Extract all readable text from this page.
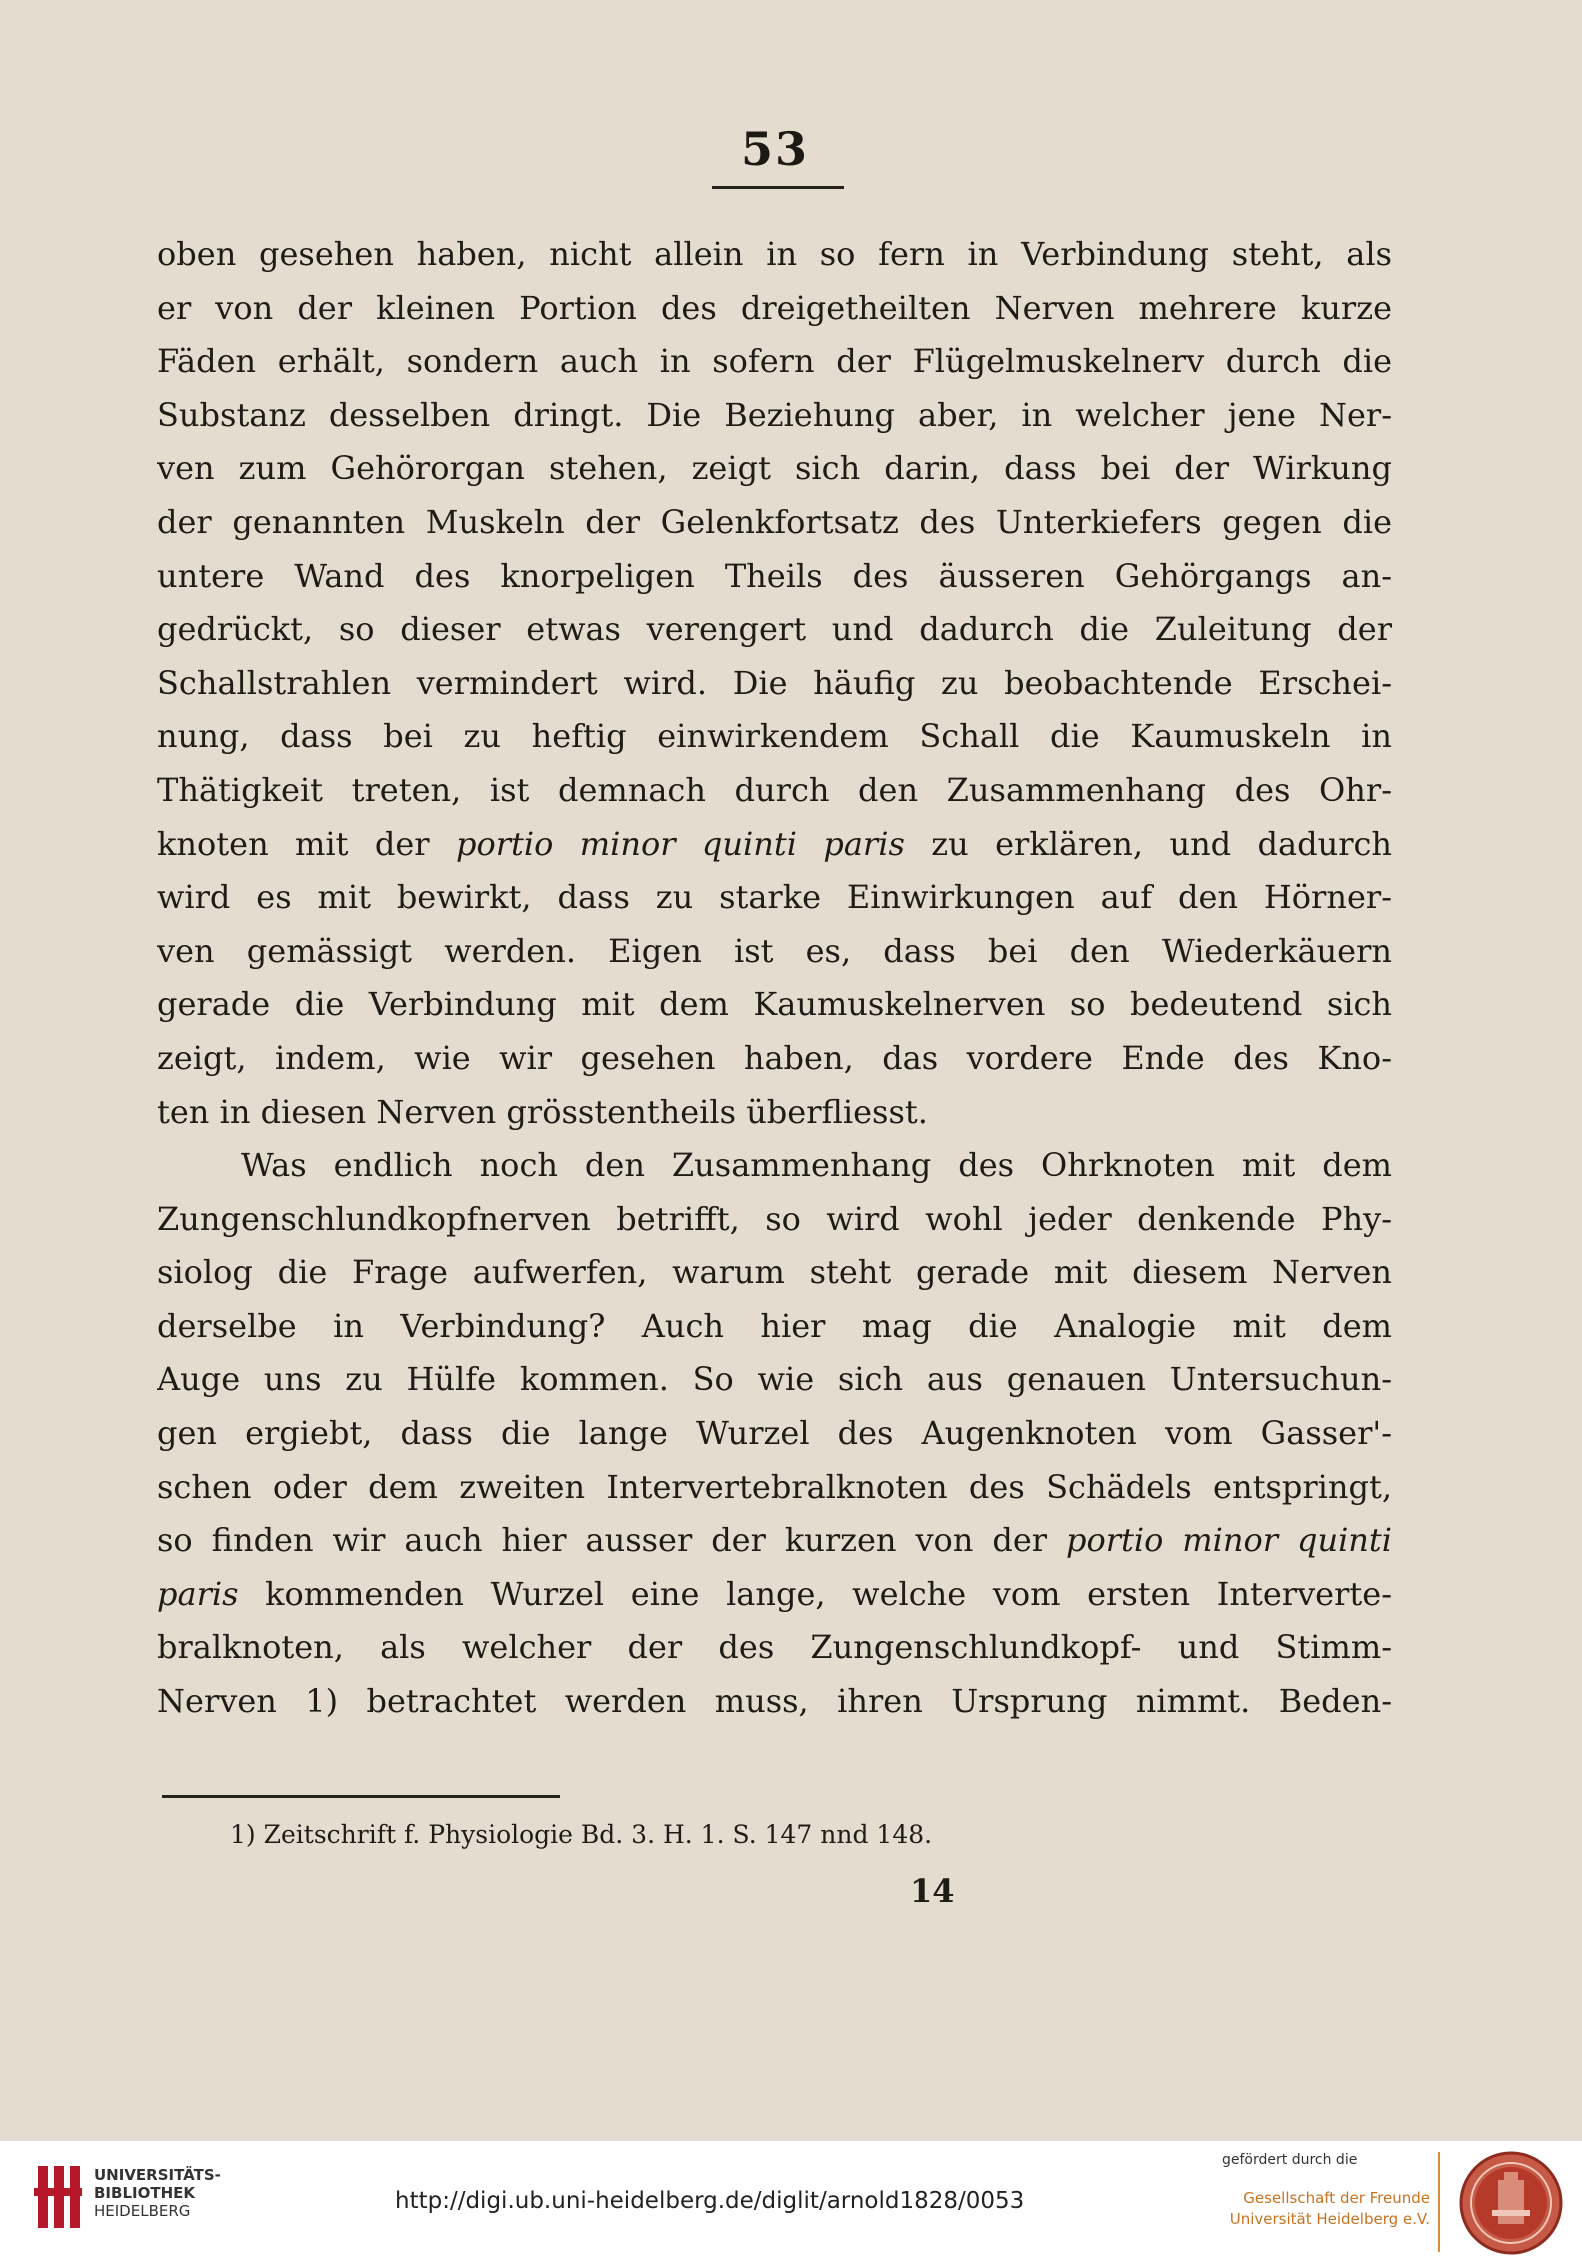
53
oben gesehen haben, nicht allein in so fern in Verbindung steht, als
er von der kleinen Portion des dreigetheilten Nerven mehrere kurze
Fäden erhält, sondern auch in sofern der Flügelmuskelnerv durch die
Substanz desselben dringt. Die Beziehung aber, in welcher jene Ner-
ven zum Gehörorgan stehen, zeigt sich darin, dass bei der Wirkung
der genannten Muskeln der Gelenkfortsatz des Unterkiefers gegen die
untere Wand des knorpeligen Theils des äusseren Gehörgangs an-
gedrückt, so dieser etwas verengert und dadurch die Zuleitung der
Schallstrahlen vermindert wird. Die häufig zu beobachtende Erschei-
nung, dass bei zu heftig einwirkendem Schall die Kaumuskeln in
Thätigkeit treten, ist demnach durch den Zusammenhang des Ohr-
knoten mit der portio minor quinti paris zu erklären, und dadurch
wird es mit bewirkt, dass zu starke Einwirkungen auf den Hörner-
ven gemässigt werden. Eigen ist es, dass bei den Wiederkäuern
gerade die Verbindung mit dem Kaumuskelnerven so bedeutend sich
zeigt, indem, wie wir gesehen haben, das vordere Ende des Kno-
ten in diesen Nerven grösstentheils überfliesst.
Was endlich noch den Zusammenhang des Ohrknoten mit dem
Zungenschlundkopfnerven betrifft, so wird wohl jeder denkende Phy-
siolog die Frage aufwerfen, warum steht gerade mit diesem Nerven
derselbe in Verbindung? Auch hier mag die Analogie mit dem
Auge uns zu Hülfe kommen. So wie sich aus genauen Untersuchun-
gen ergiebt, dass die lange Wurzel des Augenknoten vom Gasser'-
schen oder dem zweiten Intervertebralknoten des Schädels entspringt,
so finden wir auch hier ausser der kurzen von der portio minor quinti
paris kommenden Wurzel eine lange, welche vom ersten Interverte-
bralknoten, als welcher der des Zungenschlundkopf- und Stimm-
Nerven 1) betrachtet werden muss, ihren Ursprung nimmt. Beden-
1) Zeitschrift f. Physiologie Bd. 3. H. 1. S. 147 nnd 148.
14
UNIVERSITÄTS-
BIBLIOTHEK
HEIDELBERG	http://digi.ub.uni-heidelberg.de/diglit/arnold1828/0053
gefördert durch die
Gesellschaft der Freunde
Universität Heidelberg e.V.
